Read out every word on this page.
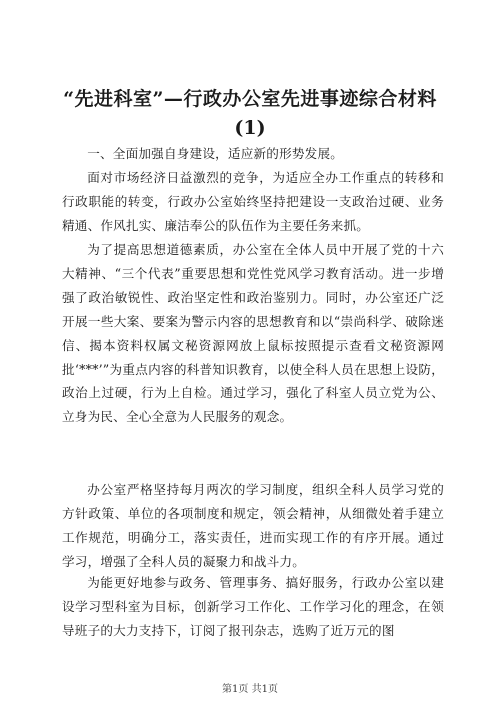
“先进科室”—行政办公室先进事迹综合材料
(1)

一、全面加强自身建设，适应新的形势发展。

面对市场经济日益激烈的竞争，为适应全办工作重点的转移和行政职能的转变，行政办公室始终坚持把建设一支政治过硬、业务精通、作风扎实、廉洁奉公的队伍作为主要任务来抓。

为了提高思想道德素质，办公室在全体人员中开展了党的十六大精神、“三个代表”重要思想和党性党风学习教育活动。进一步增强了政治敏锐性、政治坚定性和政治鉴别力。同时，办公室还广泛开展一些大案、要案为警示内容的思想教育和以“崇尚科学、破除迷信、揭本资料权属文秘资源网放上鼠标按照提示查看文秘资源网批‘***’”为重点内容的科普知识教育，以使全科人员在思想上设防，政治上过硬，行为上自检。通过学习，强化了科室人员立党为公、立身为民、全心全意为人民服务的观念。

办公室严格坚持每月两次的学习制度，组织全科人员学习党的方针政策、单位的各项制度和规定，领会精神，从细微处着手建立工作规范，明确分工，落实责任，进而实现工作的有序开展。通过学习，增强了全科人员的凝聚力和战斗力。

为能更好地参与政务、管理事务、搞好服务，行政办公室以建设学习型科室为目标，创新学习工作化、工作学习化的理念，在领导班子的大力支持下，订阅了报刊杂志，选购了近万元的图

第1页 共1页
